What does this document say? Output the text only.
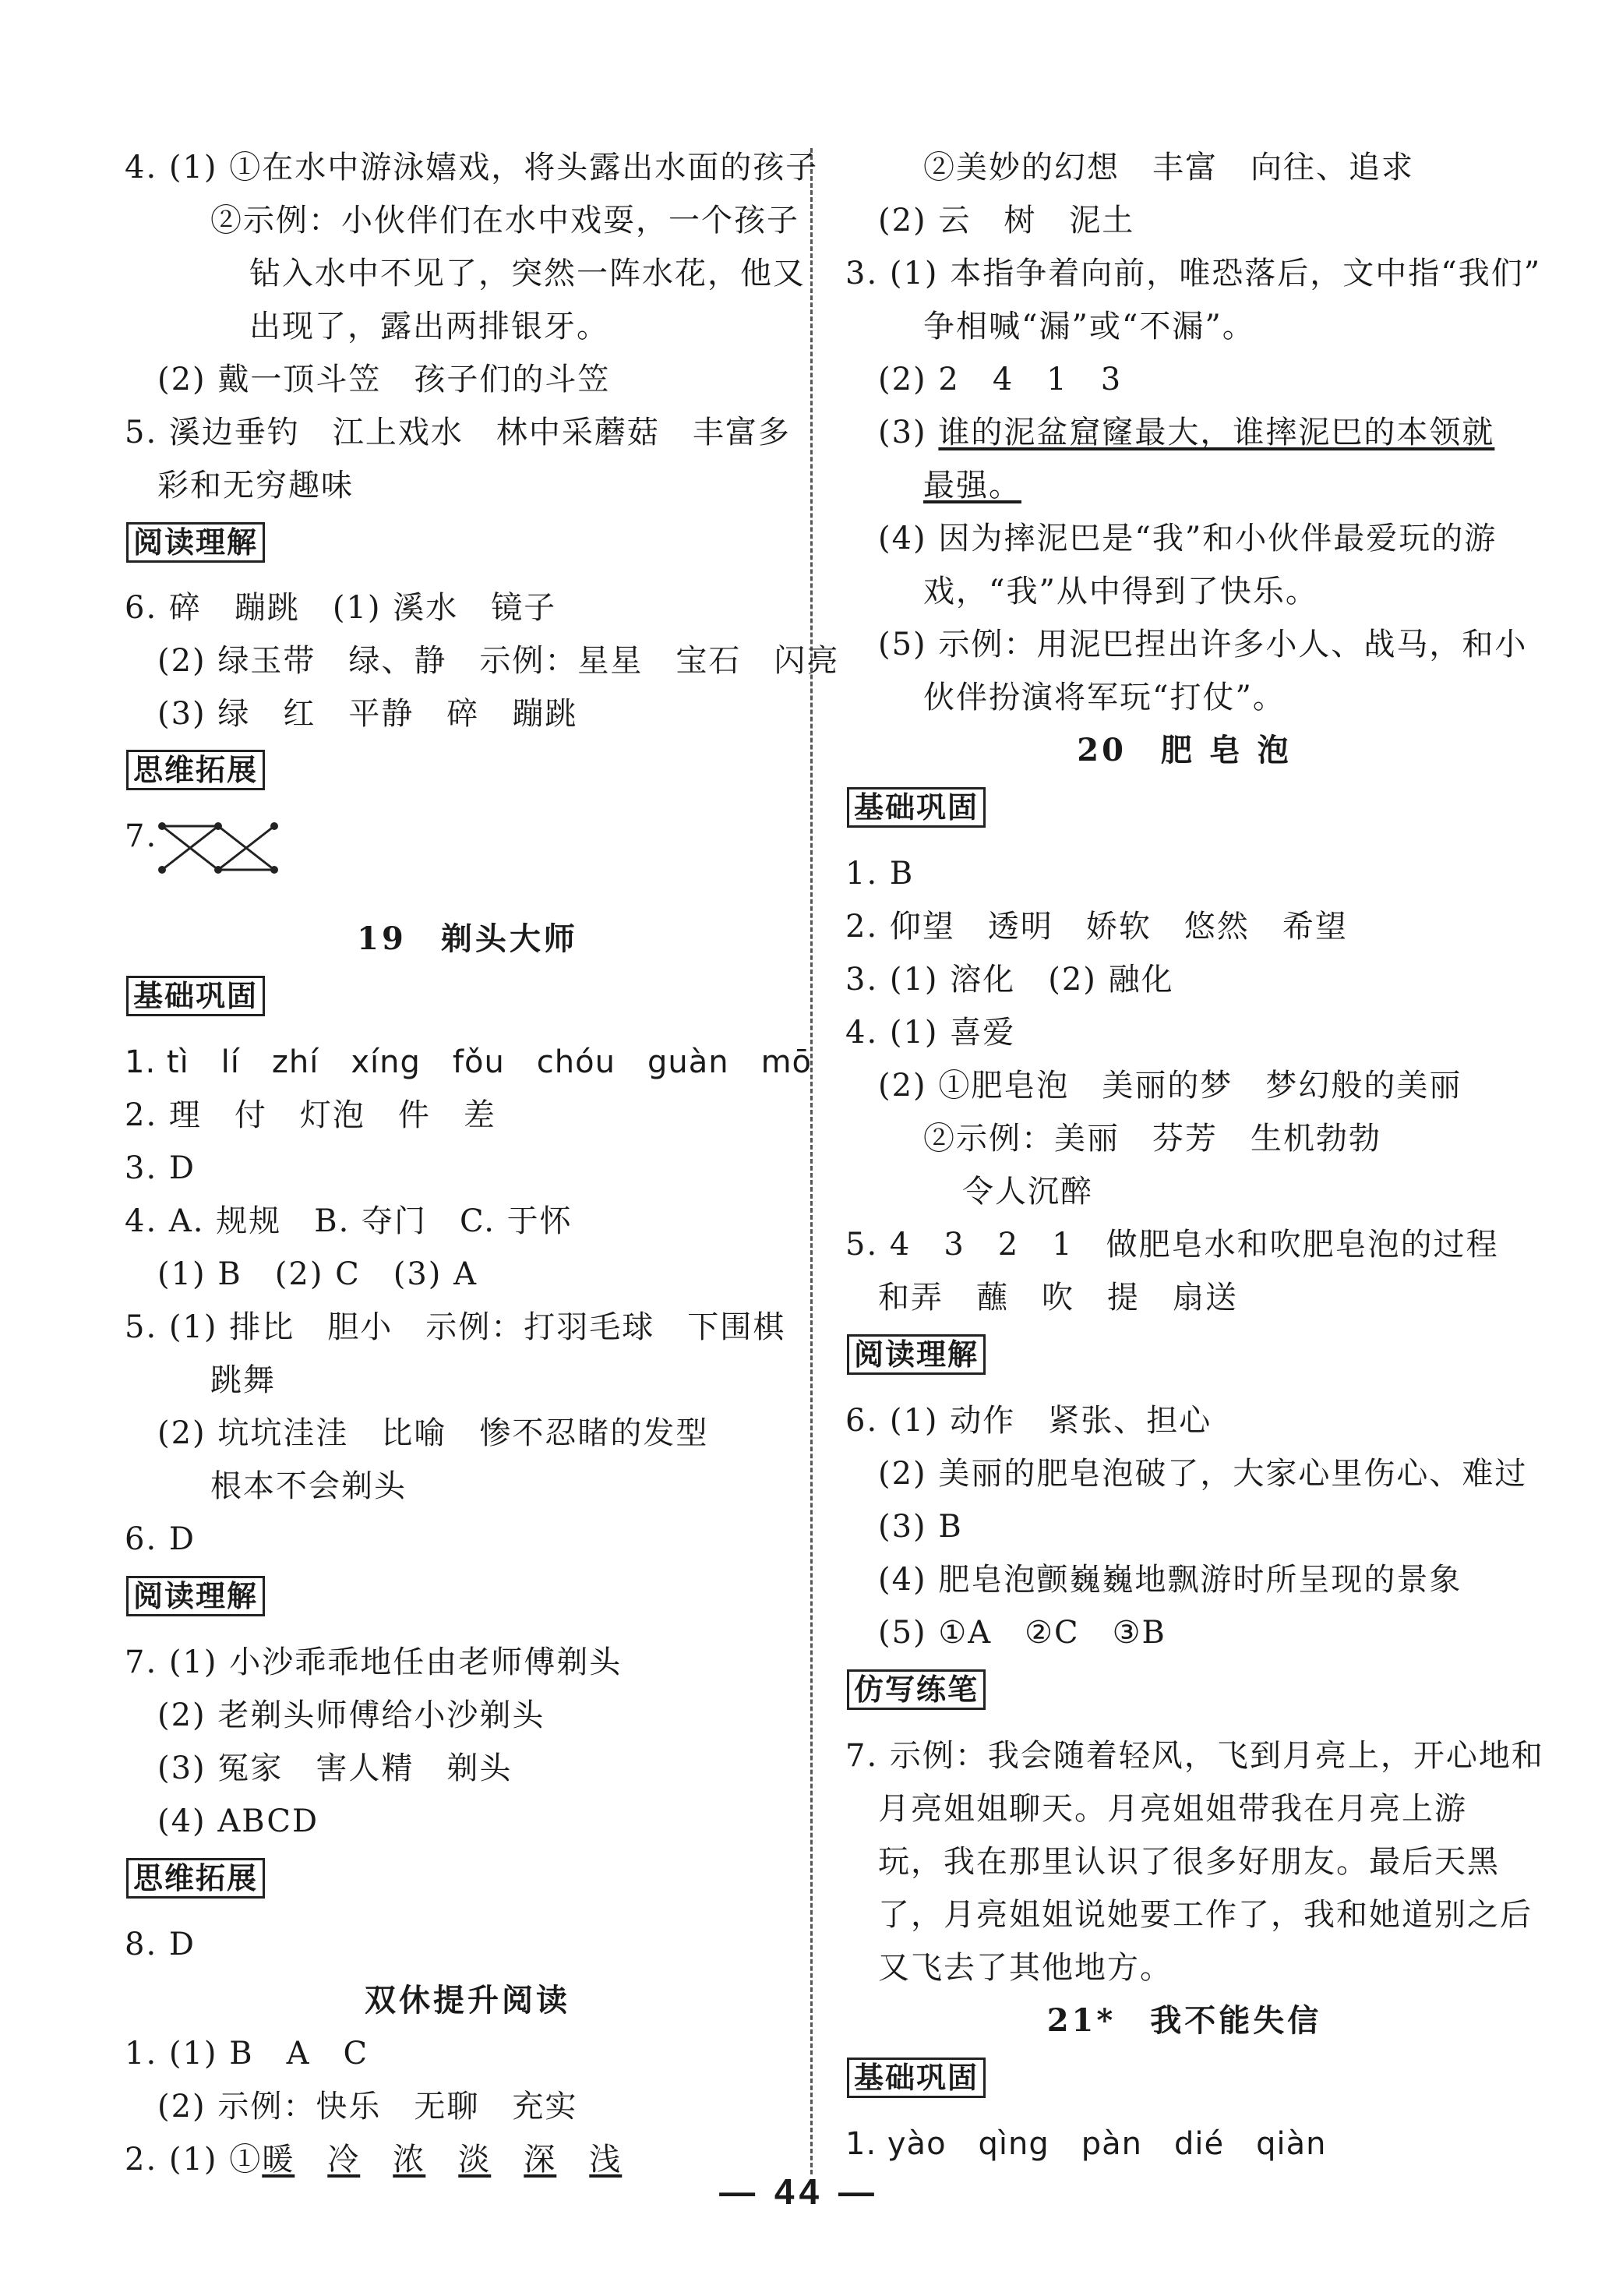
4. (1) ①在水中游泳嬉戏，将头露出水面的孩子
②示例：小伙伴们在水中戏耍，一个孩子
钻入水中不见了，突然一阵水花，他又
出现了，露出两排银牙。
(2) 戴一顶斗笠　孩子们的斗笠
5. 溪边垂钓　江上戏水　林中采蘑菇　丰富多
彩和无穷趣味
阅读理解
6. 碎　蹦跳　(1) 溪水　镜子
(2) 绿玉带　绿、静　示例：星星　宝石　闪亮
(3) 绿　红　平静　碎　蹦跳
思维拓展
7.
19　剃头大师
基础巩固
1. tì　lí　zhí　xíng　fǒu　chóu　guàn　mō
2. 理　付　灯泡　件　差
3. D
4. A. 规规　B. 夺门　C. 于怀
(1) B　(2) C　(3) A
5. (1) 排比　胆小　示例：打羽毛球　下围棋
跳舞
(2) 坑坑洼洼　比喻　惨不忍睹的发型
根本不会剃头
6. D
阅读理解
7. (1) 小沙乖乖地任由老师傅剃头
(2) 老剃头师傅给小沙剃头
(3) 冤家　害人精　剃头
(4) ABCD
思维拓展
8. D
双休提升阅读
1. (1) B　A　C
(2) 示例：快乐　无聊　充实
2. (1) ①暖　 冷　 浓　 淡　 深　 浅
②美妙的幻想　丰富　向往、追求
(2) 云　树　泥土
3. (1) 本指争着向前，唯恐落后，文中指“我们”
争相喊“漏”或“不漏”。
(2) 2　4　1　3
(3) 谁的泥盆窟窿最大，谁摔泥巴的本领就
最强。
(4) 因为摔泥巴是“我”和小伙伴最爱玩的游
戏，“我”从中得到了快乐。
(5) 示例：用泥巴捏出许多小人、战马，和小
伙伴扮演将军玩“打仗”。
20　肥 皂 泡
基础巩固
1. B
2. 仰望　透明　娇软　悠然　希望
3. (1) 溶化　(2) 融化
4. (1) 喜爱
(2) ①肥皂泡　美丽的梦　梦幻般的美丽
②示例：美丽　芬芳　生机勃勃
令人沉醉
5. 4　3　2　1　做肥皂水和吹肥皂泡的过程
和弄　蘸　吹　提　扇送
阅读理解
6. (1) 动作　紧张、担心
(2) 美丽的肥皂泡破了，大家心里伤心、难过
(3) B
(4) 肥皂泡颤巍巍地飘游时所呈现的景象
(5) ①A　②C　③B
仿写练笔
7. 示例：我会随着轻风，飞到月亮上，开心地和
月亮姐姐聊天。月亮姐姐带我在月亮上游
玩，我在那里认识了很多好朋友。最后天黑
了，月亮姐姐说她要工作了，我和她道别之后
又飞去了其他地方。
21*　我不能失信
基础巩固
1. yào　qìng　pàn　dié　qiàn
— 44 —
